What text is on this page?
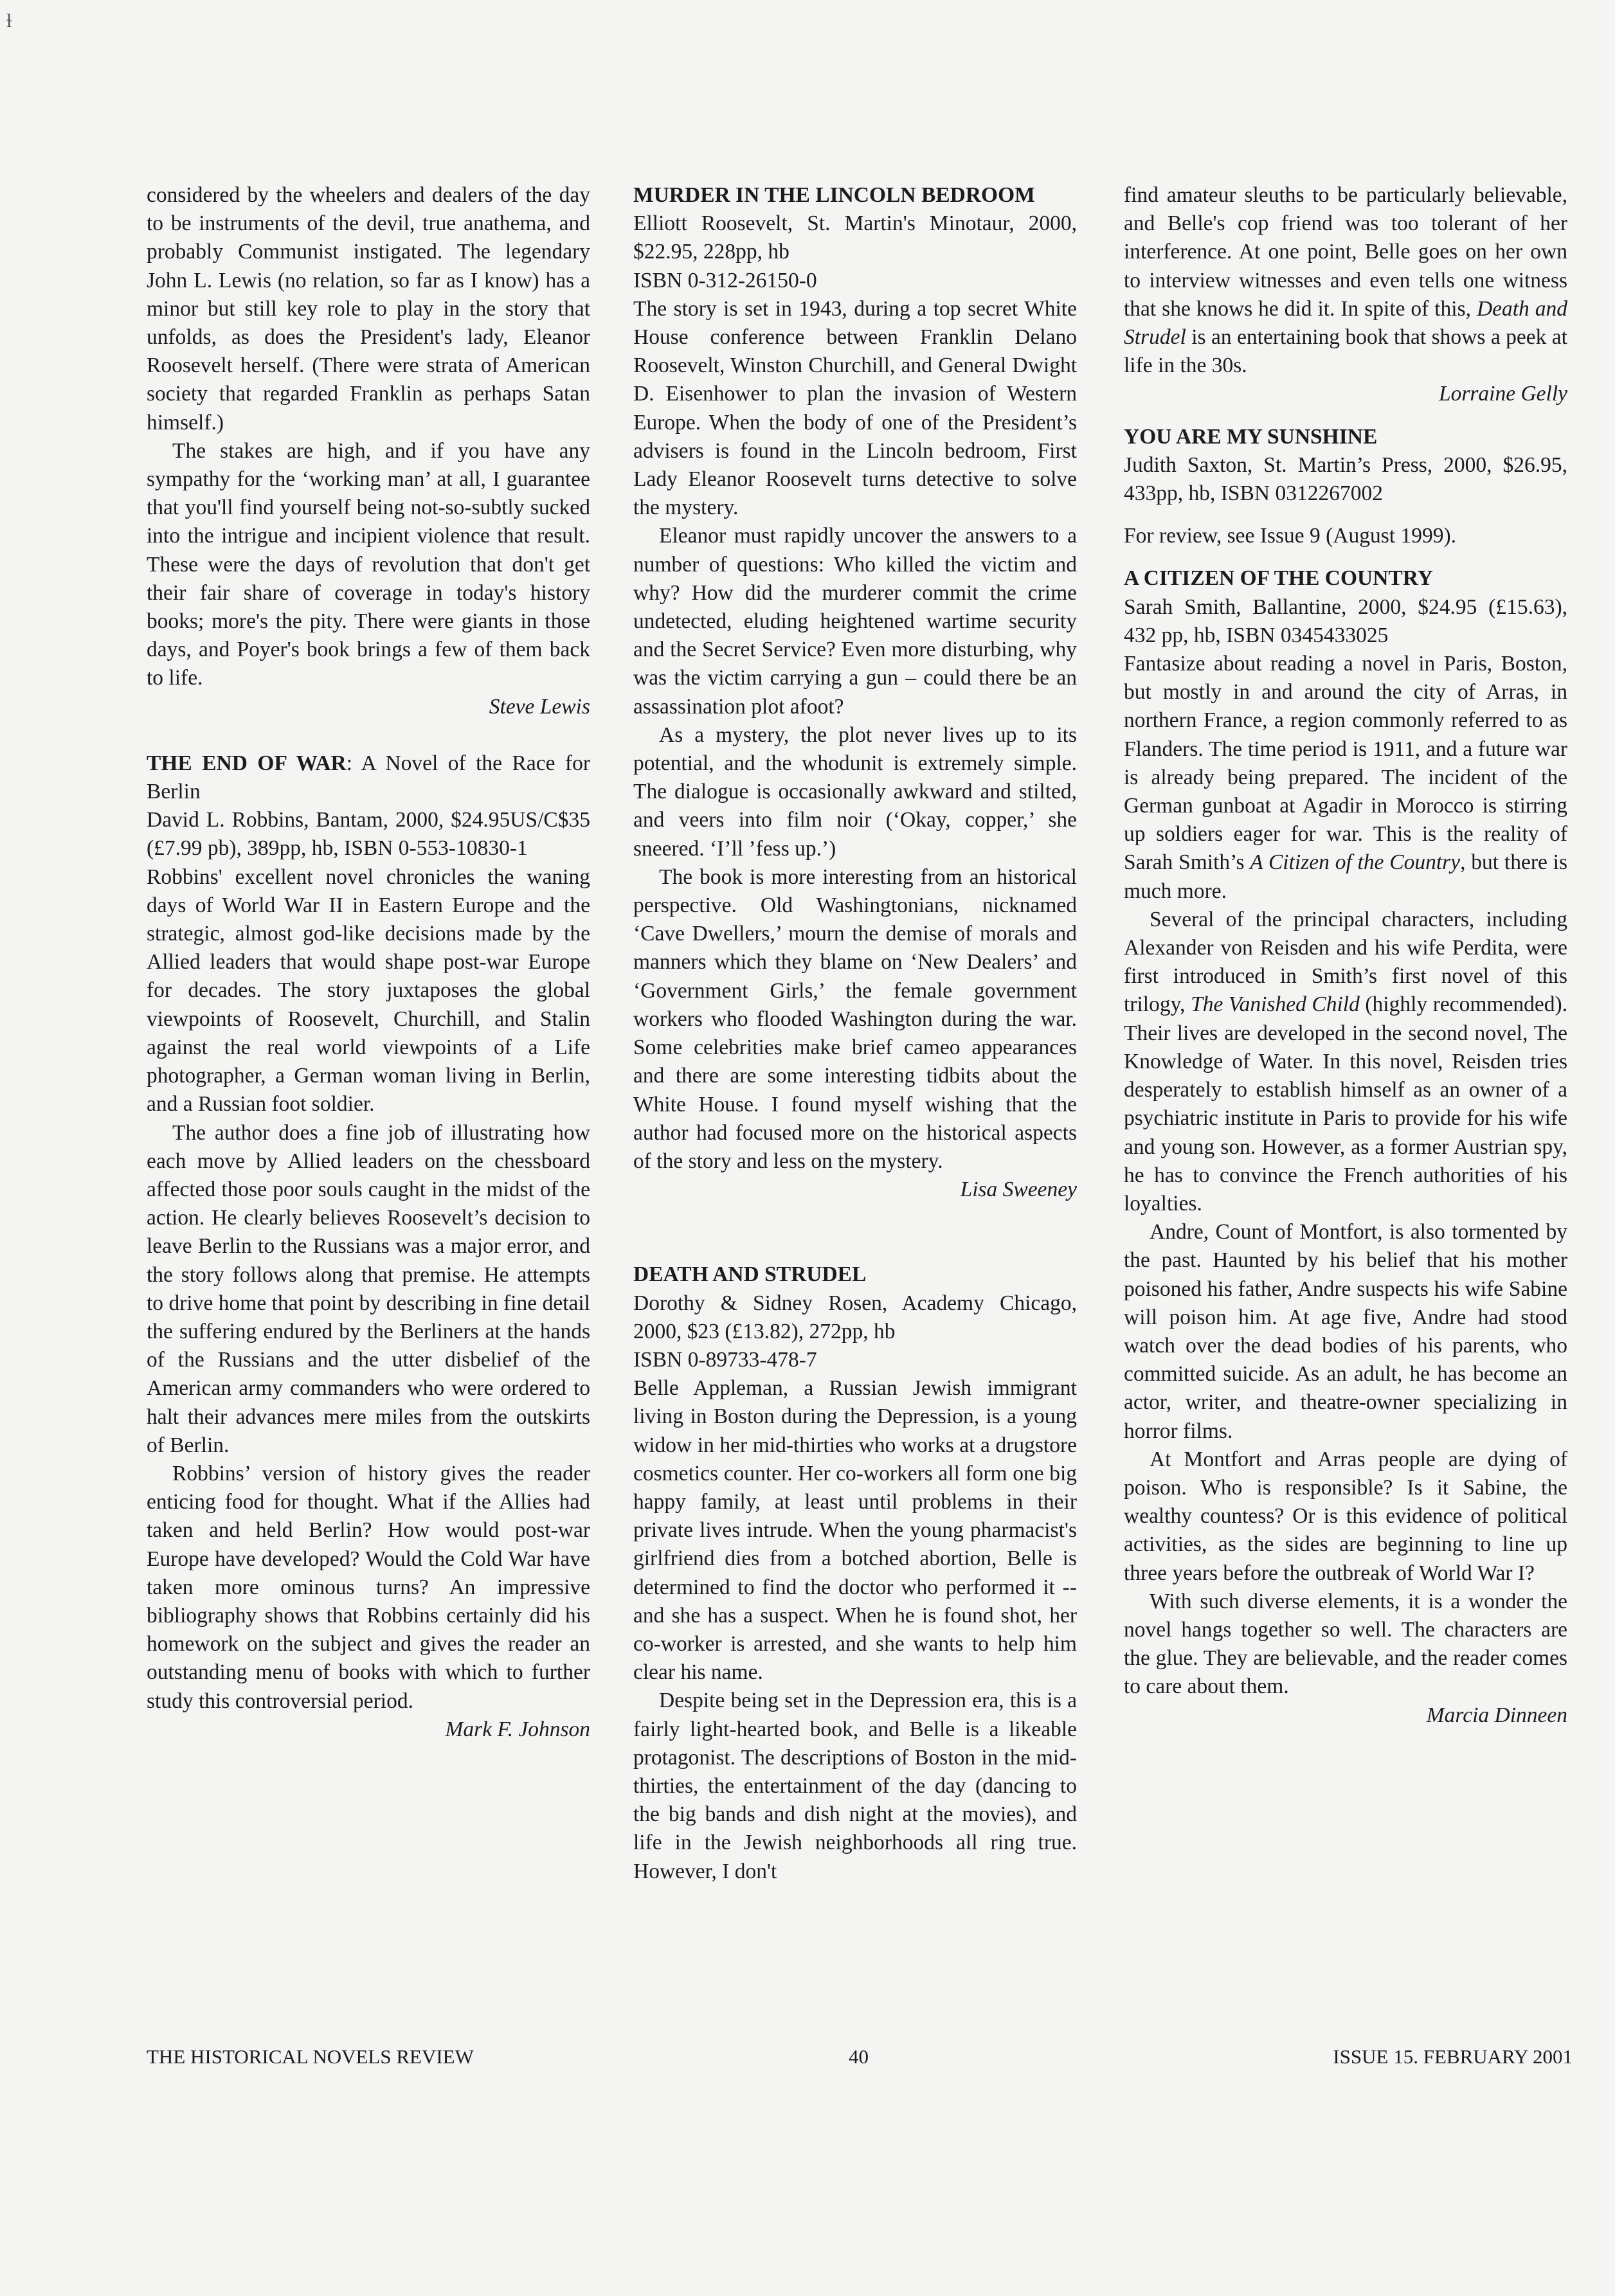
ɫ

considered by the wheelers and dealers of the day to be instruments of the devil, true anathema, and probably Communist instigated. The legendary John L. Lewis (no relation, so far as I know) has a minor but still key role to play in the story that unfolds, as does the President's lady, Eleanor Roosevelt herself. (There were strata of American society that regarded Franklin as perhaps Satan himself.)

The stakes are high, and if you have any sympathy for the ‘working man’ at all, I guarantee that you'll find yourself being not-so-subtly sucked into the intrigue and incipient violence that result. These were the days of revolution that don't get their fair share of coverage in today's history books; more's the pity. There were giants in those days, and Poyer's book brings a few of them back to life.

Steve Lewis

THE END OF WAR: A Novel of the Race for Berlin

David L. Robbins, Bantam, 2000, $24.95US/C$35 (£7.99 pb), 389pp, hb, ISBN 0-553-10830-1

Robbins' excellent novel chronicles the waning days of World War II in Eastern Europe and the strategic, almost god-like decisions made by the Allied leaders that would shape post-war Europe for decades. The story juxtaposes the global viewpoints of Roosevelt, Churchill, and Stalin against the real world viewpoints of a Life photographer, a German woman living in Berlin, and a Russian foot soldier.

The author does a fine job of illustrating how each move by Allied leaders on the chessboard affected those poor souls caught in the midst of the action. He clearly believes Roosevelt’s decision to leave Berlin to the Russians was a major error, and the story follows along that premise. He attempts to drive home that point by describing in fine detail the suffering endured by the Berliners at the hands of the Russians and the utter disbelief of the American army commanders who were ordered to halt their advances mere miles from the outskirts of Berlin.

Robbins’ version of history gives the reader enticing food for thought. What if the Allies had taken and held Berlin? How would post-war Europe have developed? Would the Cold War have taken more ominous turns? An impressive bibliography shows that Robbins certainly did his homework on the subject and gives the reader an outstanding menu of books with which to further study this controversial period.

Mark F. Johnson

MURDER IN THE LINCOLN BEDROOM

Elliott Roosevelt, St. Martin's Minotaur, 2000, $22.95, 228pp, hb

ISBN 0-312-26150-0

The story is set in 1943, during a top secret White House conference between Franklin Delano Roosevelt, Winston Churchill, and General Dwight D. Eisenhower to plan the invasion of Western Europe. When the body of one of the President’s advisers is found in the Lincoln bedroom, First Lady Eleanor Roosevelt turns detective to solve the mystery.

Eleanor must rapidly uncover the answers to a number of questions: Who killed the victim and why? How did the murderer commit the crime undetected, eluding heightened wartime security and the Secret Service? Even more disturbing, why was the victim carrying a gun – could there be an assassination plot afoot?

As a mystery, the plot never lives up to its potential, and the whodunit is extremely simple. The dialogue is occasionally awkward and stilted, and veers into film noir (‘Okay, copper,’ she sneered. ‘I’ll ’fess up.’)

The book is more interesting from an historical perspective. Old Washingtonians, nicknamed ‘Cave Dwellers,’ mourn the demise of morals and manners which they blame on ‘New Dealers’ and ‘Government Girls,’ the female government workers who flooded Washington during the war. Some celebrities make brief cameo appearances and there are some interesting tidbits about the White House. I found myself wishing that the author had focused more on the historical aspects of the story and less on the mystery.

Lisa Sweeney

DEATH AND STRUDEL

Dorothy & Sidney Rosen, Academy Chicago, 2000, $23 (£13.82), 272pp, hb

ISBN 0-89733-478-7

Belle Appleman, a Russian Jewish immigrant living in Boston during the Depression, is a young widow in her mid-thirties who works at a drugstore cosmetics counter. Her co-workers all form one big happy family, at least until problems in their private lives intrude. When the young pharmacist's girlfriend dies from a botched abortion, Belle is determined to find the doctor who performed it -- and she has a suspect. When he is found shot, her co-worker is arrested, and she wants to help him clear his name.

Despite being set in the Depression era, this is a fairly light-hearted book, and Belle is a likeable protagonist. The descriptions of Boston in the mid-thirties, the entertainment of the day (dancing to the big bands and dish night at the movies), and life in the Jewish neighborhoods all ring true. However, I don't

find amateur sleuths to be particularly believable, and Belle's cop friend was too tolerant of her interference. At one point, Belle goes on her own to interview witnesses and even tells one witness that she knows he did it. In spite of this, Death and Strudel is an entertaining book that shows a peek at life in the 30s.

Lorraine Gelly

YOU ARE MY SUNSHINE

Judith Saxton, St. Martin’s Press, 2000, $26.95, 433pp, hb, ISBN 0312267002

For review, see Issue 9 (August 1999).

A CITIZEN OF THE COUNTRY

Sarah Smith, Ballantine, 2000, $24.95 (£15.63), 432 pp, hb, ISBN 0345433025

Fantasize about reading a novel in Paris, Boston, but mostly in and around the city of Arras, in northern France, a region commonly referred to as Flanders. The time period is 1911, and a future war is already being prepared. The incident of the German gunboat at Agadir in Morocco is stirring up soldiers eager for war. This is the reality of Sarah Smith’s A Citizen of the Country, but there is much more.

Several of the principal characters, including Alexander von Reisden and his wife Perdita, were first introduced in Smith’s first novel of this trilogy, The Vanished Child (highly recommended). Their lives are developed in the second novel, The Knowledge of Water. In this novel, Reisden tries desperately to establish himself as an owner of a psychiatric institute in Paris to provide for his wife and young son. However, as a former Austrian spy, he has to convince the French authorities of his loyalties.

Andre, Count of Montfort, is also tormented by the past. Haunted by his belief that his mother poisoned his father, Andre suspects his wife Sabine will poison him. At age five, Andre had stood watch over the dead bodies of his parents, who committed suicide. As an adult, he has become an actor, writer, and theatre-owner specializing in horror films.

At Montfort and Arras people are dying of poison. Who is responsible? Is it Sabine, the wealthy countess? Or is this evidence of political activities, as the sides are beginning to line up three years before the outbreak of World War I?

With such diverse elements, it is a wonder the novel hangs together so well. The characters are the glue. They are believable, and the reader comes to care about them.

Marcia Dinneen

THE HISTORICAL NOVELS REVIEW	40	ISSUE 15. FEBRUARY 2001
